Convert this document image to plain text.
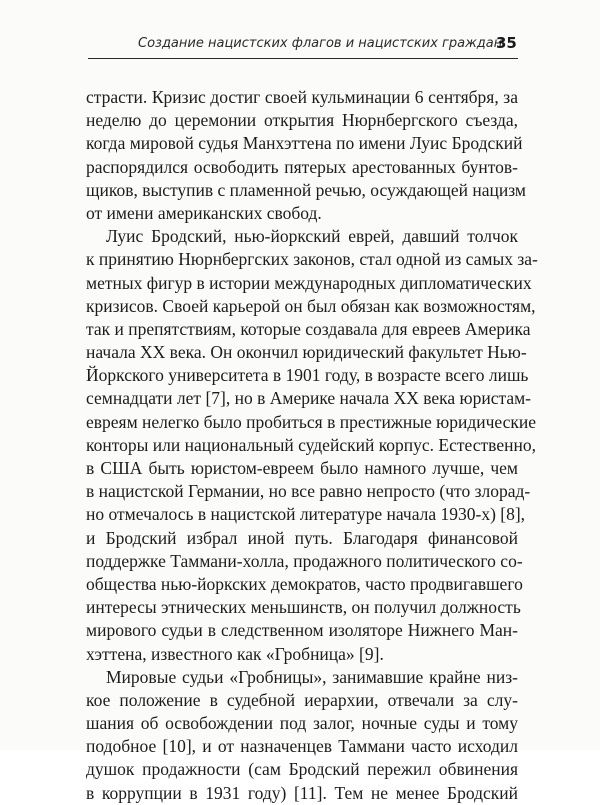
Создание нацистских флагов и нацистских граждан
35
страсти. Кризис достиг своей кульминации 6 сентября, за
неделю до церемонии открытия Нюрнбергского съезда,
когда мировой судья Манхэттена по имени Луис Бродский
распорядился освободить пятерых арестованных бунтов-
щиков, выступив с пламенной речью, осуждающей нацизм
от имени американских свобод.
Луис Бродский, нью-йоркский еврей, давший толчок
к принятию Нюрнбергских законов, стал одной из самых за-
метных фигур в истории международных дипломатических
кризисов. Своей карьерой он был обязан как возможностям,
так и препятствиям, которые создавала для евреев Америка
начала XX века. Он окончил юридический факультет Нью-
Йоркского университета в 1901 году, в возрасте всего лишь
семнадцати лет [7], но в Америке начала XX века юристам-
евреям нелегко было пробиться в престижные юридические
конторы или национальный судейский корпус. Естественно,
в США быть юристом-евреем было намного лучше, чем
в нацистской Германии, но все равно непросто (что злорад-
но отмечалось в нацистской литературе начала 1930-х) [8],
и Бродский избрал иной путь. Благодаря финансовой
поддержке Таммани-холла, продажного политического со-
общества нью-йоркских демократов, часто продвигавшего
интересы этнических меньшинств, он получил должность
мирового судьи в следственном изоляторе Нижнего Ман-
хэттена, известного как «Гробница» [9].
Мировые судьи «Гробницы», занимавшие крайне низ-
кое положение в судебной иерархии, отвечали за слу-
шания об освобождении под залог, ночные суды и тому
подобное [10], и от назначенцев Таммани часто исходил
душок продажности (сам Бродский пережил обвинения
в коррупции в 1931 году) [11]. Тем не менее Бродский
